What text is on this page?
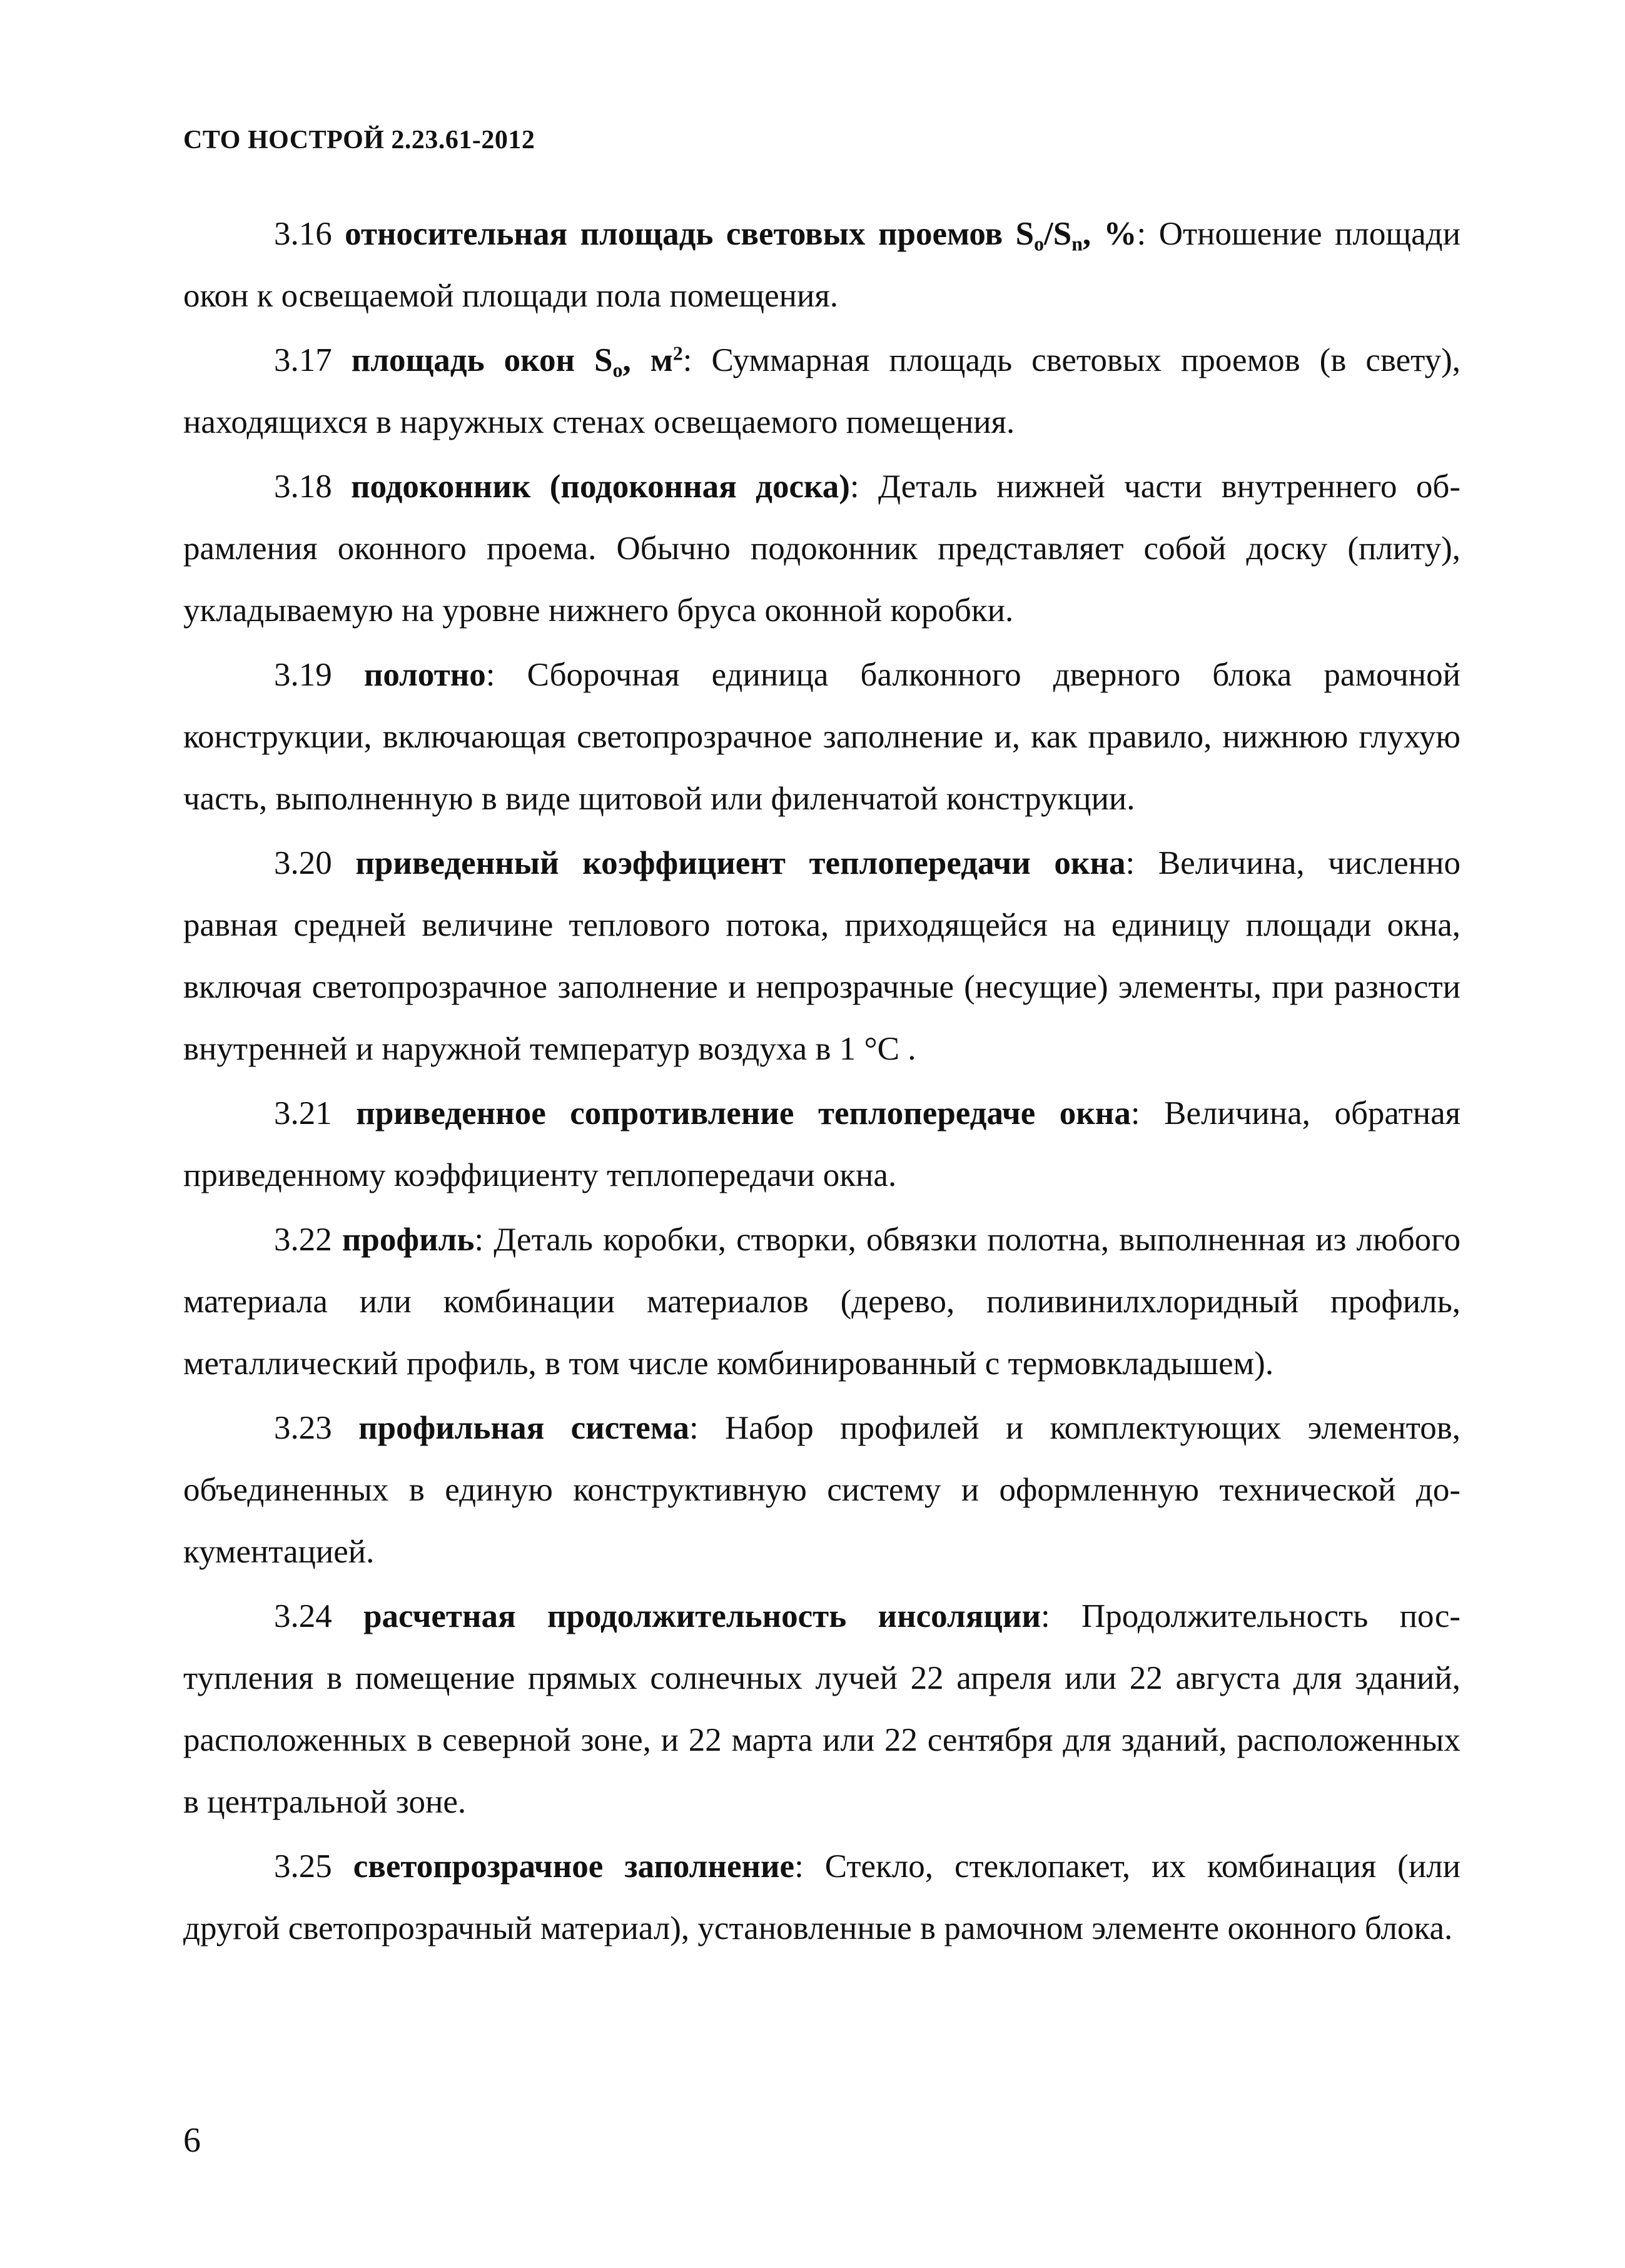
СТО НОСТРОЙ 2.23.61-2012

3.16 относительная площадь световых проемов $S_o/S_n$, %: Отношение площади окон к освещаемой площади пола помещения.

3.17 площадь окон $S_o$, $м^2$: Суммарная площадь световых проемов (в свету), находящихся в наружных стенах освещаемого помещения.

3.18 подоконник (подоконная доска): Деталь нижней части внутреннего обрамления оконного проема. Обычно подоконник представляет собой доску (плиту), укладываемую на уровне нижнего бруса оконной коробки.

3.19 полотно: Сборочная единица балконного дверного блока рамочной конструкции, включающая светопрозрачное заполнение и, как правило, нижнюю глухую часть, выполненную в виде щитовой или филенчатой конструкции.

3.20 приведенный коэффициент теплопередачи окна: Величина, численно равная средней величине теплового потока, приходящейся на единицу площади окна, включая светопрозрачное заполнение и непрозрачные (несущие) элементы, при разности внутренней и наружной температур воздуха в 1 °C .

3.21 приведенное сопротивление теплопередаче окна: Величина, обратная приведенному коэффициенту теплопередачи окна.

3.22 профиль: Деталь коробки, створки, обвязки полотна, выполненная из любого материала или комбинации материалов (дерево, поливинилхлоридный профиль, металлический профиль, в том числе комбинированный с термовкладышем).

3.23 профильная система: Набор профилей и комплектующих элементов, объединенных в единую конструктивную систему и оформленную технической документацией.

3.24 расчетная продолжительность инсоляции: Продолжительность поступления в помещение прямых солнечных лучей 22 апреля или 22 августа для зданий, расположенных в северной зоне, и 22 марта или 22 сентября для зданий, расположенных в центральной зоне.

3.25 светопрозрачное заполнение: Стекло, стеклопакет, их комбинация (или другой светопрозрачный материал), установленные в рамочном элементе оконного блока.

6
